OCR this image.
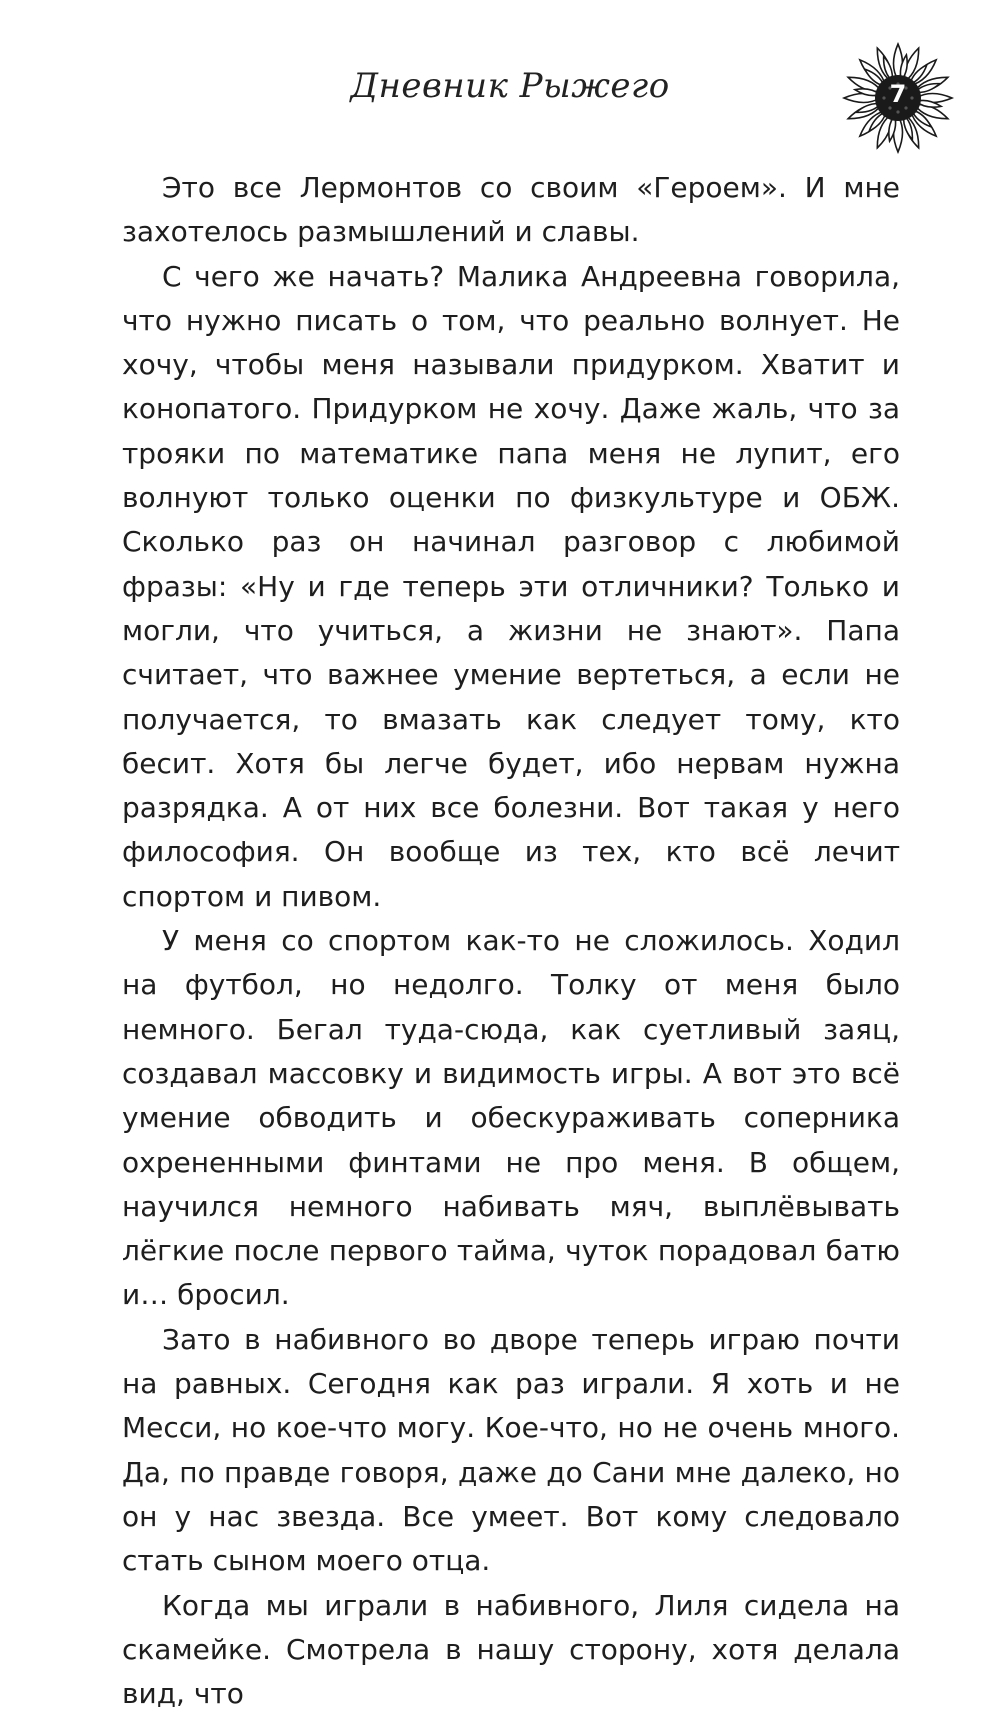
Дневник Рыжего	7

Это все Лермонтов со своим «Героем». И мне захотелось размышлений и славы.

С чего же начать? Малика Андреевна говорила, что нужно писать о том, что реально волнует. Не хочу, чтобы меня называли придурком. Хватит и конопатого. Придурком не хочу. Даже жаль, что за трояки по математике папа меня не лупит, его волнуют только оценки по физкультуре и ОБЖ. Сколько раз он начинал разговор с любимой фразы: «Ну и где теперь эти отличники? Только и могли, что учиться, а жизни не знают». Папа считает, что важнее умение вертеться, а если не получается, то вмазать как следует тому, кто бесит. Хотя бы легче будет, ибо нервам нужна разрядка. А от них все болезни. Вот такая у него философия. Он вообще из тех, кто всё лечит спортом и пивом.

У меня со спортом как-то не сложилось. Ходил на футбол, но недолго. Толку от меня было немного. Бегал туда-сюда, как суетливый заяц, создавал массовку и видимость игры. А вот это всё умение обводить и обескураживать соперника охрененными финтами не про меня. В общем, научился немного набивать мяч, выплёвывать лёгкие после первого тайма, чуток порадовал батю и… бросил.

Зато в набивного во дворе теперь играю почти на равных. Сегодня как раз играли. Я хоть и не Месси, но кое-что могу. Кое-что, но не очень много. Да, по правде говоря, даже до Сани мне далеко, но он у нас звезда. Все умеет. Вот кому следовало стать сыном моего отца.

Когда мы играли в набивного, Лиля сидела на скамейке. Смотрела в нашу сторону, хотя делала вид, что
